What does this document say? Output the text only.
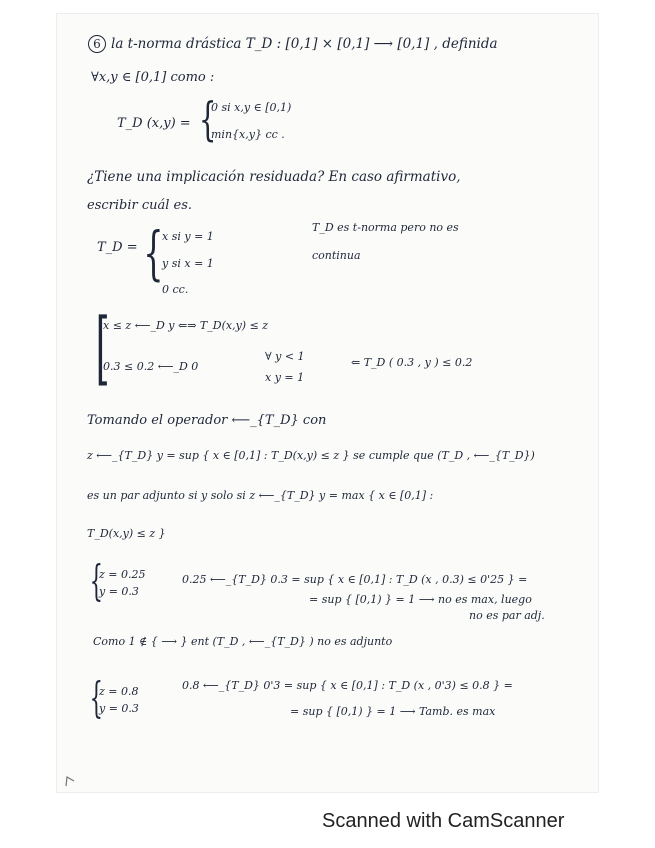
6 la t-norma drástica T_D : [0,1] × [0,1] ⟶ [0,1] , definida
∀x,y ∈ [0,1] como :
T_D (x,y) = {
0 si x,y ∈ [0,1)
min{x,y} cc .
¿Tiene una implicación residuada? En caso afirmativo,
escribir cuál es.
T_D = {
x si y = 1
y si x = 1
0 cc.
T_D es t-norma pero no es
continua
[
x ≤ z ⟵_D y ⇐⇒ T_D(x,y) ≤ z
0.3 ≤ 0.2 ⟵_D 0
∀ y < 1
x y = 1
⇐ T_D ( 0.3 , y ) ≤ 0.2
Tomando el operador ⟵_{T_D} con
z ⟵_{T_D} y = sup { x ∈ [0,1] : T_D(x,y) ≤ z } se cumple que (T_D , ⟵_{T_D})
es un par adjunto si y solo si z ⟵_{T_D} y = max { x ∈ [0,1] :
T_D(x,y) ≤ z }
{
z = 0.25
y = 0.3
0.25 ⟵_{T_D} 0.3 = sup { x ∈ [0,1] : T_D (x , 0.3) ≤ 0'25 } =
= sup { [0,1) } = 1 ⟶ no es max, luego
no es par adj.
Como 1 ∉ { ⟶ } ent (T_D , ⟵_{T_D} ) no es adjunto
{
z = 0.8
y = 0.3
0.8 ⟵_{T_D} 0'3 = sup { x ∈ [0,1] : T_D (x , 0'3) ≤ 0.8 } =
= sup { [0,1) } = 1 ⟶ Tamb. es max
Scanned with CamScanner
